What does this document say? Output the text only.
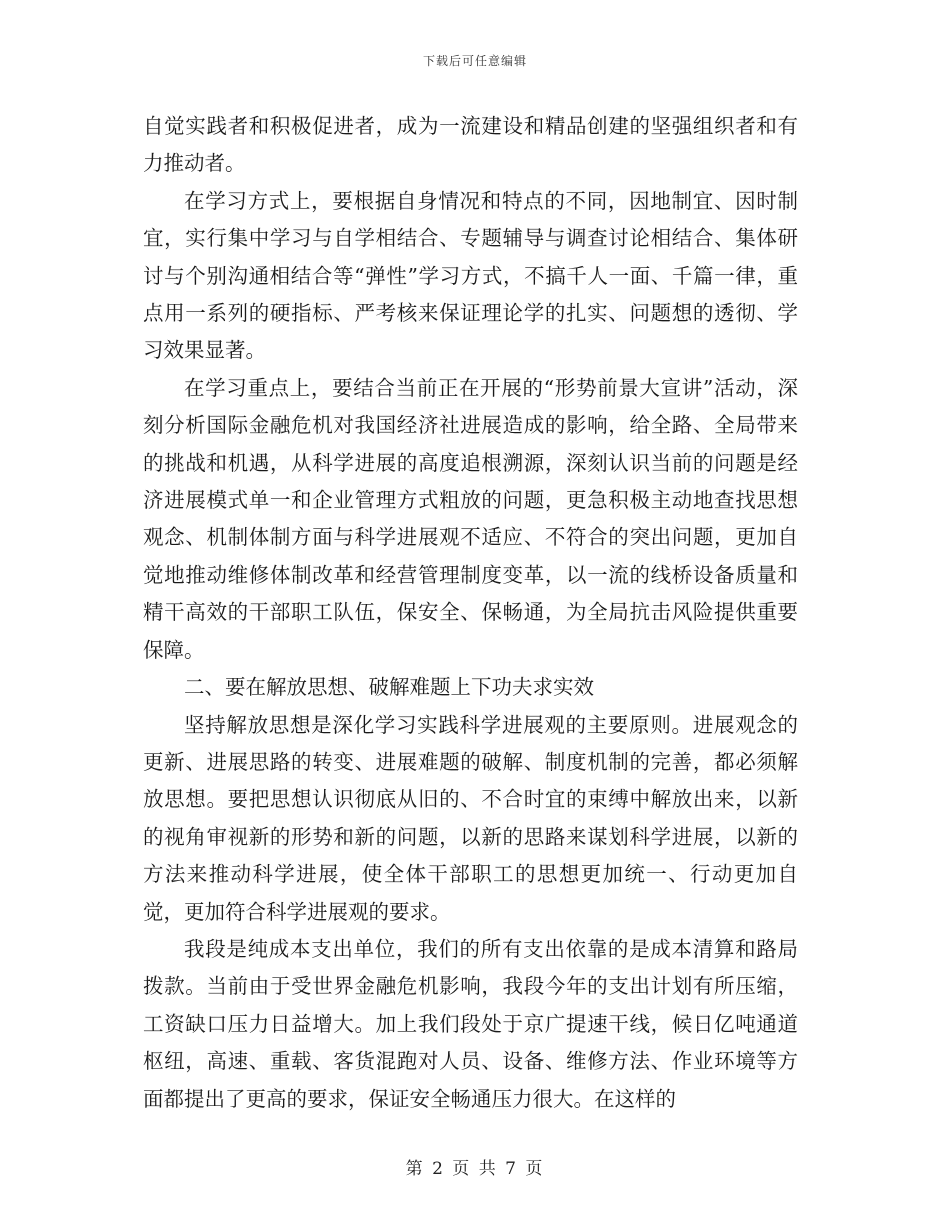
下载后可任意编辑

自觉实践者和积极促进者，成为一流建设和精品创建的坚强组织者和有力推动者。

在学习方式上，要根据自身情况和特点的不同，因地制宜、因时制宜，实行集中学习与自学相结合、专题辅导与调查讨论相结合、集体研讨与个别沟通相结合等“弹性”学习方式，不搞千人一面、千篇一律，重点用一系列的硬指标、严考核来保证理论学的扎实、问题想的透彻、学习效果显著。

在学习重点上，要结合当前正在开展的“形势前景大宣讲”活动，深刻分析国际金融危机对我国经济社进展造成的影响，给全路、全局带来的挑战和机遇，从科学进展的高度追根溯源，深刻认识当前的问题是经济进展模式单一和企业管理方式粗放的问题，更急积极主动地查找思想观念、机制体制方面与科学进展观不适应、不符合的突出问题，更加自觉地推动维修体制改革和经营管理制度变革，以一流的线桥设备质量和精干高效的干部职工队伍，保安全、保畅通，为全局抗击风险提供重要保障。

二、要在解放思想、破解难题上下功夫求实效

坚持解放思想是深化学习实践科学进展观的主要原则。进展观念的更新、进展思路的转变、进展难题的破解、制度机制的完善，都必须解放思想。要把思想认识彻底从旧的、不合时宜的束缚中解放出来，以新的视角审视新的形势和新的问题，以新的思路来谋划科学进展，以新的方法来推动科学进展，使全体干部职工的思想更加统一、行动更加自觉，更加符合科学进展观的要求。

我段是纯成本支出单位，我们的所有支出依靠的是成本清算和路局拨款。当前由于受世界金融危机影响，我段今年的支出计划有所压缩，工资缺口压力日益增大。加上我们段处于京广提速干线，候日亿吨通道枢纽，高速、重载、客货混跑对人员、设备、维修方法、作业环境等方面都提出了更高的要求，保证安全畅通压力很大。在这样的

第 2 页 共 7 页
